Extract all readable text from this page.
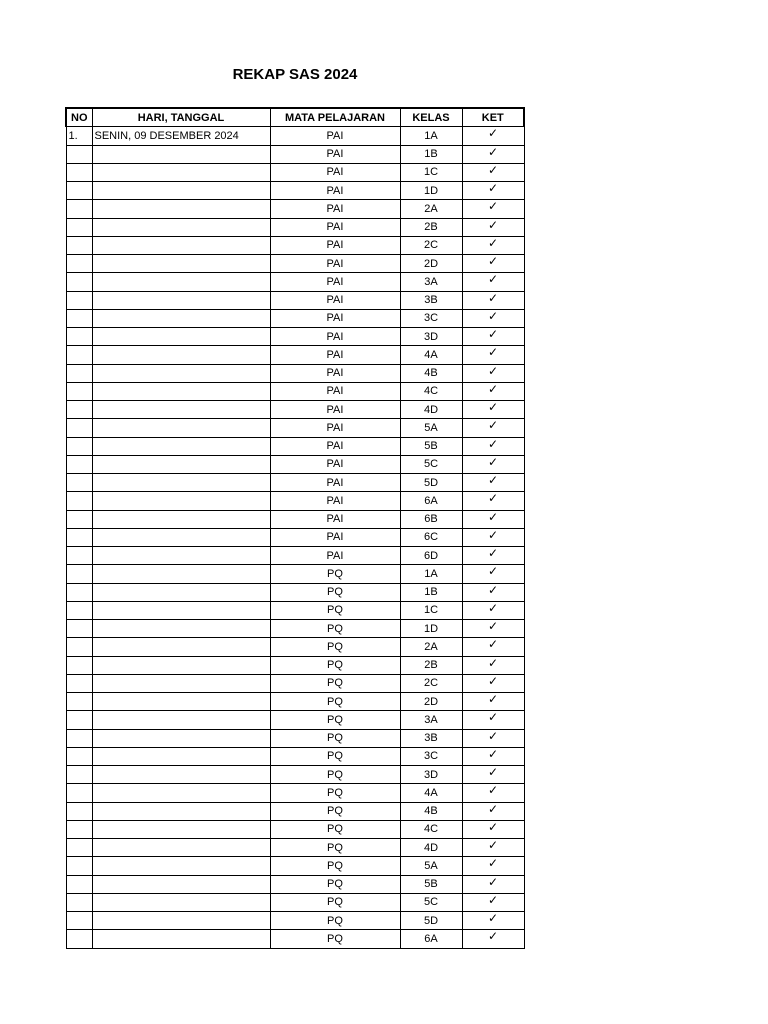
REKAP SAS 2024
NO	HARI, TANGGAL	MATA PELAJARAN	KELAS	KET
1.	SENIN, 09 DESEMBER 2024	PAI	1A	✓
		PAI	1B	✓
		PAI	1C	✓
		PAI	1D	✓
		PAI	2A	✓
		PAI	2B	✓
		PAI	2C	✓
		PAI	2D	✓
		PAI	3A	✓
		PAI	3B	✓
		PAI	3C	✓
		PAI	3D	✓
		PAI	4A	✓
		PAI	4B	✓
		PAI	4C	✓
		PAI	4D	✓
		PAI	5A	✓
		PAI	5B	✓
		PAI	5C	✓
		PAI	5D	✓
		PAI	6A	✓
		PAI	6B	✓
		PAI	6C	✓
		PAI	6D	✓
		PQ	1A	✓
		PQ	1B	✓
		PQ	1C	✓
		PQ	1D	✓
		PQ	2A	✓
		PQ	2B	✓
		PQ	2C	✓
		PQ	2D	✓
		PQ	3A	✓
		PQ	3B	✓
		PQ	3C	✓
		PQ	3D	✓
		PQ	4A	✓
		PQ	4B	✓
		PQ	4C	✓
		PQ	4D	✓
		PQ	5A	✓
		PQ	5B	✓
		PQ	5C	✓
		PQ	5D	✓
		PQ	6A	✓
